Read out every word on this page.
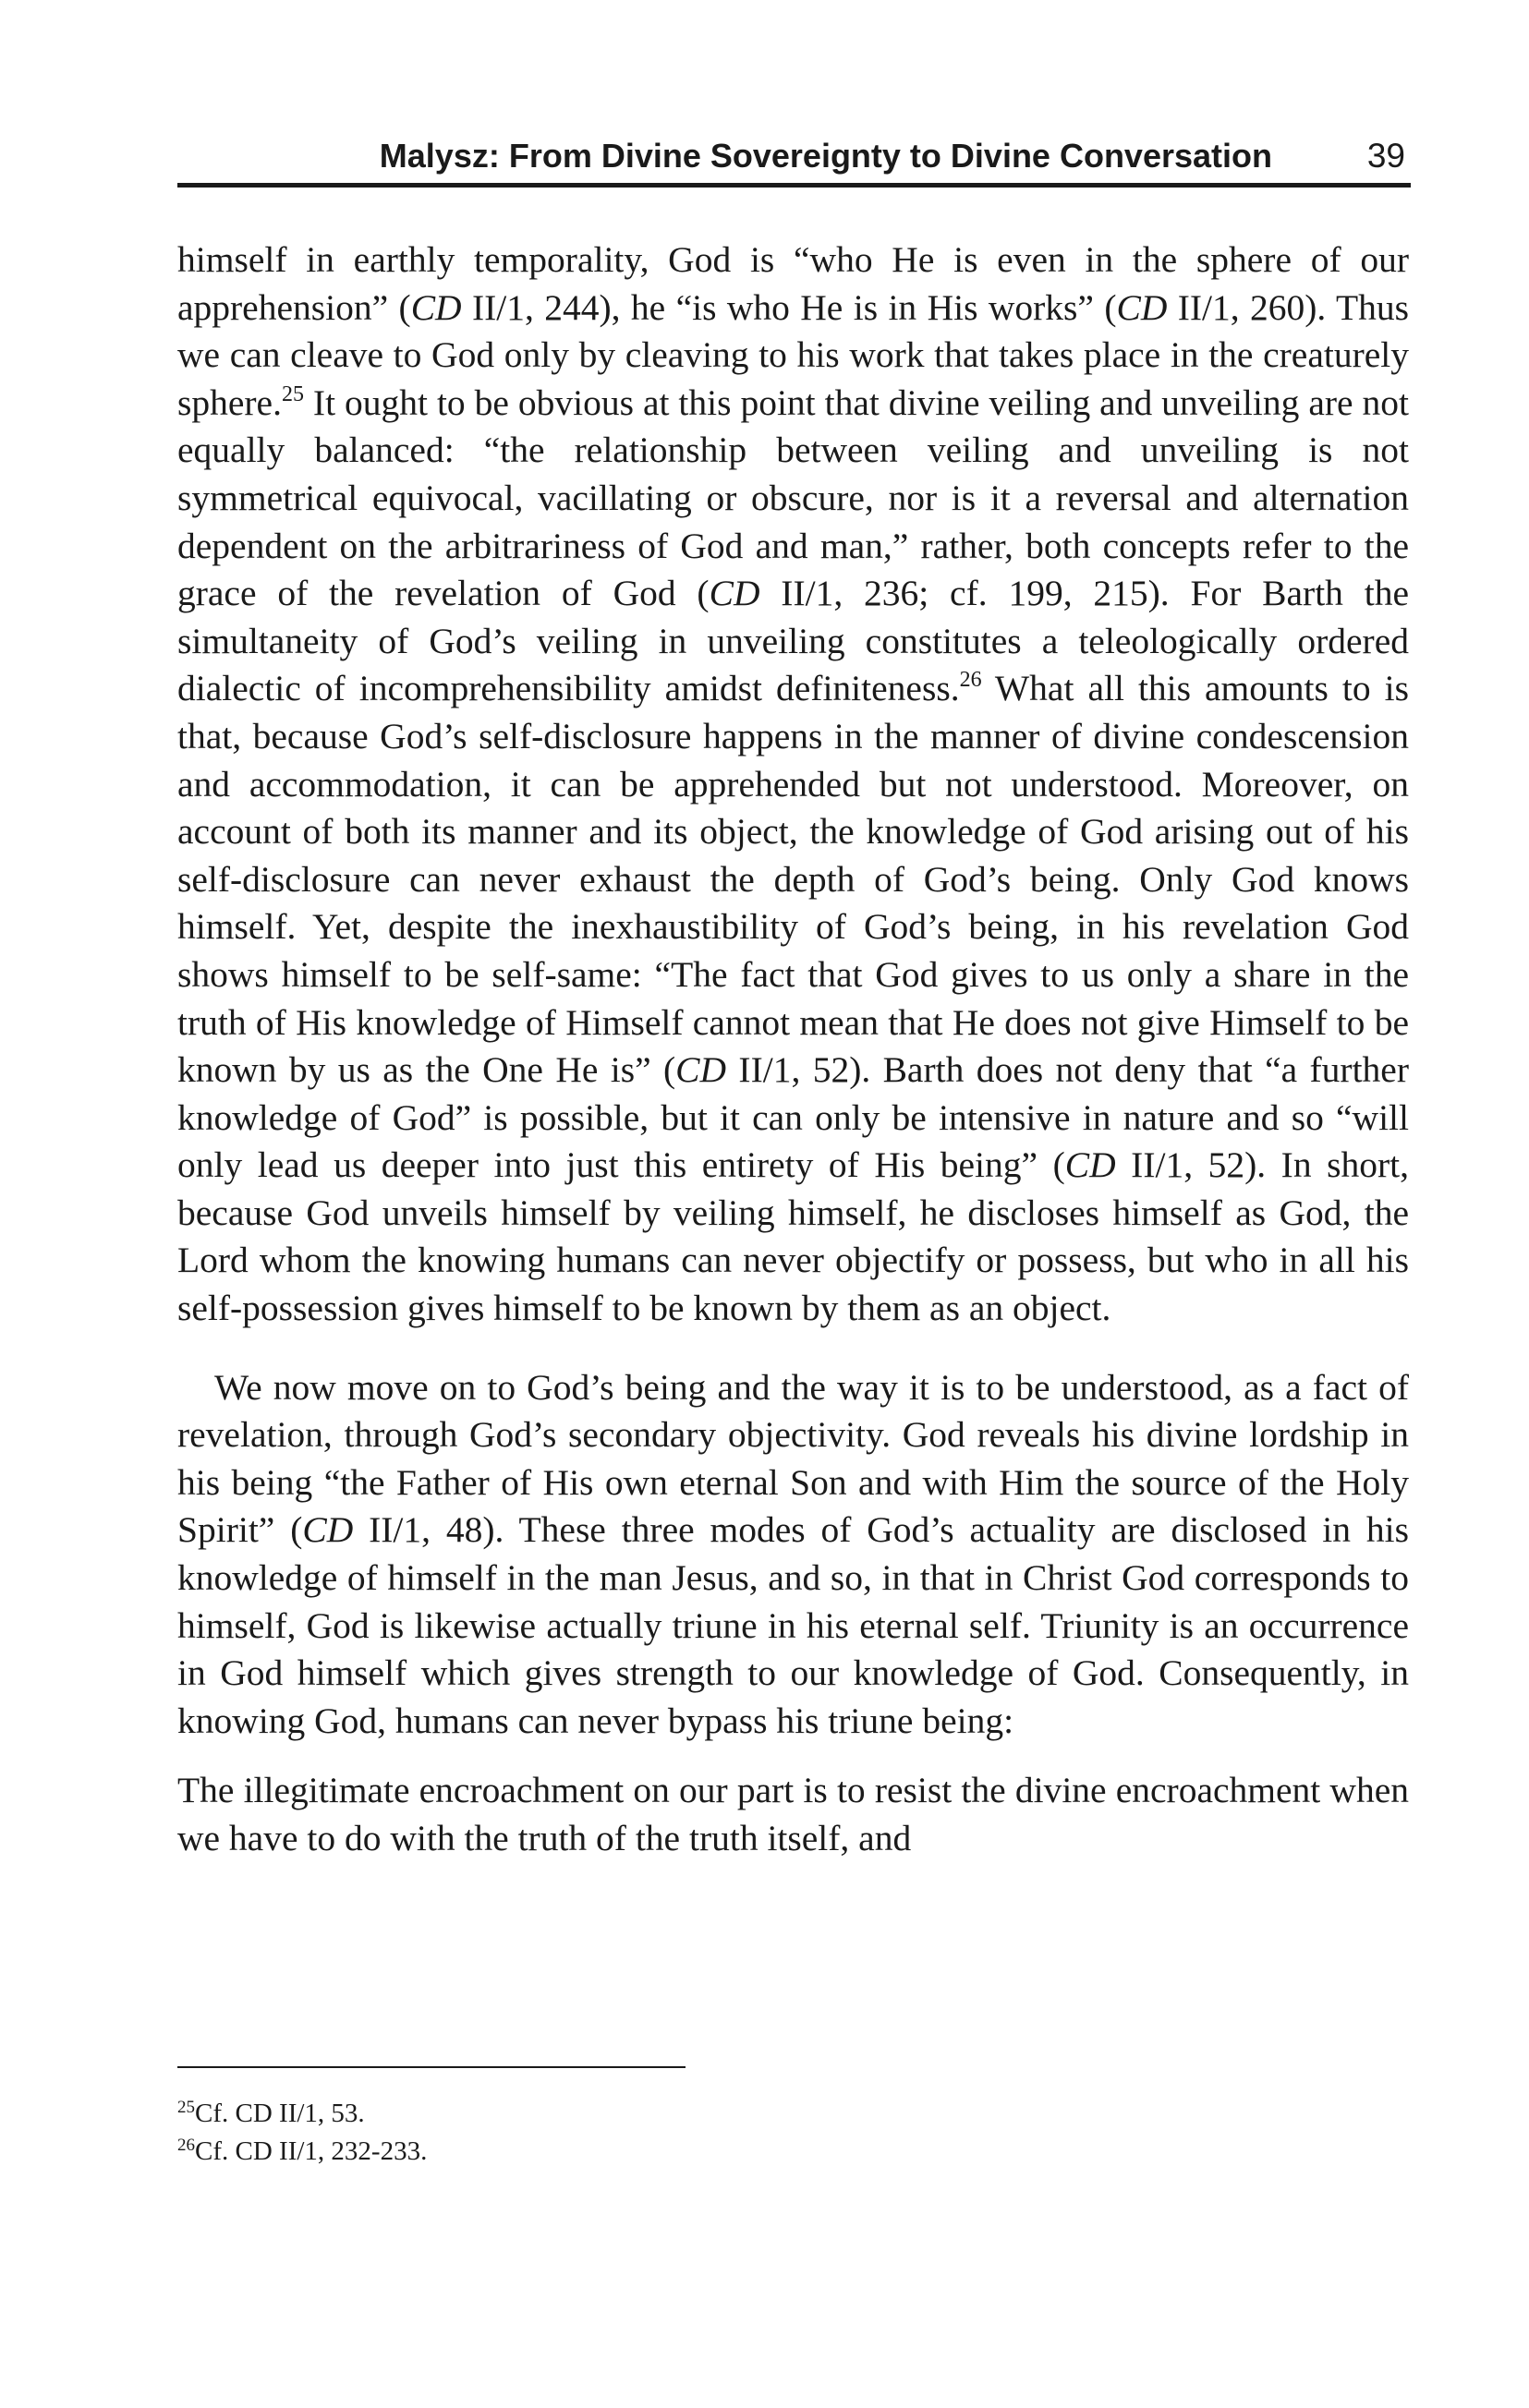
Malysz: From Divine Sovereignty to Divine Conversation	39

himself in earthly temporality, God is “who He is even in the sphere of our apprehension” (CD II/1, 244), he “is who He is in His works” (CD II/1, 260). Thus we can cleave to God only by cleaving to his work that takes place in the creaturely sphere.$^{25}$ It ought to be obvious at this point that divine veiling and unveiling are not equally balanced: “the relationship between veiling and unveiling is not symmetrical equivocal, vacillating or obscure, nor is it a reversal and alternation dependent on the arbitrariness of God and man,” rather, both concepts refer to the grace of the revelation of God (CD II/1, 236; cf. 199, 215). For Barth the simultaneity of God’s veiling in unveiling constitutes a teleologically ordered dialectic of incomprehensibility amidst definiteness.$^{26}$ What all this amounts to is that, because God’s self-disclosure happens in the manner of divine condescension and accommodation, it can be apprehended but not understood. Moreover, on account of both its manner and its object, the knowledge of God arising out of his self-disclosure can never exhaust the depth of God’s being. Only God knows himself. Yet, despite the inexhaustibility of God’s being, in his revelation God shows himself to be self-same: “The fact that God gives to us only a share in the truth of His knowledge of Himself cannot mean that He does not give Himself to be known by us as the One He is” (CD II/1, 52). Barth does not deny that “a further knowledge of God” is possible, but it can only be intensive in nature and so “will only lead us deeper into just this entirety of His being” (CD II/1, 52). In short, because God unveils himself by veiling himself, he discloses himself as God, the Lord whom the knowing humans can never objectify or possess, but who in all his self-possession gives himself to be known by them as an object.

We now move on to God’s being and the way it is to be understood, as a fact of revelation, through God’s secondary objectivity. God reveals his divine lordship in his being “the Father of His own eternal Son and with Him the source of the Holy Spirit” (CD II/1, 48). These three modes of God’s actuality are disclosed in his knowledge of himself in the man Jesus, and so, in that in Christ God corresponds to himself, God is likewise actually triune in his eternal self. Triunity is an occurrence in God himself which gives strength to our knowledge of God. Consequently, in knowing God, humans can never bypass his triune being:

The illegitimate encroachment on our part is to resist the divine encroachment when we have to do with the truth of the truth itself, and

$^{25}$Cf. CD II/1, 53.

$^{26}$Cf. CD II/1, 232-233.
